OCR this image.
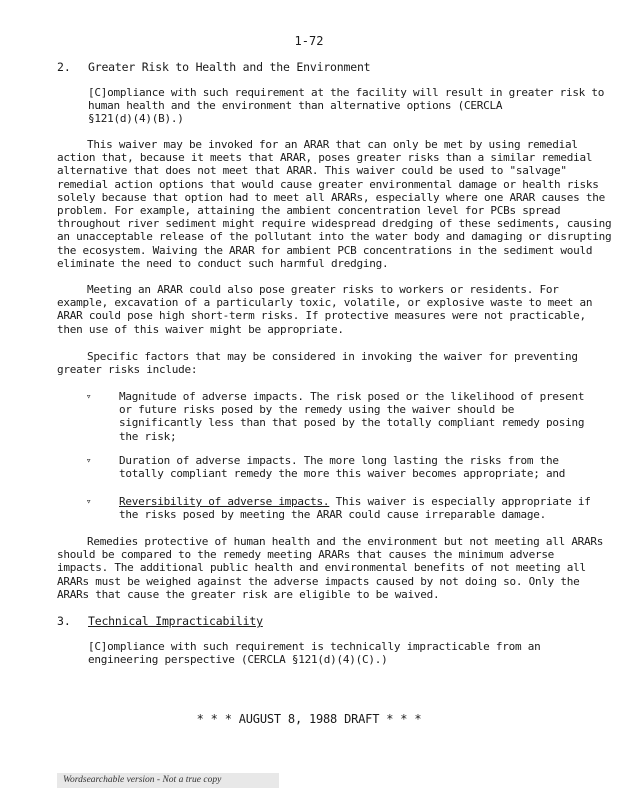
1-72
2. Greater Risk to Health and the Environment
[C]ompliance with such requirement at the facility will result in greater risk to
human health and the environment than alternative options (CERCLA
§121(d)(4)(B).)
This waiver may be invoked for an ARAR that can only be met by using remedial
action that, because it meets that ARAR, poses greater risks than a similar remedial
alternative that does not meet that ARAR. This waiver could be used to "salvage"
remedial action options that would cause greater environmental damage or health risks
solely because that option had to meet all ARARs, especially where one ARAR causes the
problem. For example, attaining the ambient concentration level for PCBs spread
throughout river sediment might require widespread dredging of these sediments, causing
an unacceptable release of the pollutant into the water body and damaging or disrupting
the ecosystem. Waiving the ARAR for ambient PCB concentrations in the sediment would
eliminate the need to conduct such harmful dredging.
Meeting an ARAR could also pose greater risks to workers or residents. For
example, excavation of a particularly toxic, volatile, or explosive waste to meet an
ARAR could pose high short-term risks. If protective measures were not practicable,
then use of this waiver might be appropriate.
Specific factors that may be considered in invoking the waiver for preventing
greater risks include:
▿	Magnitude of adverse impacts. The risk posed or the likelihood of present
or future risks posed by the remedy using the waiver should be
significantly less than that posed by the totally compliant remedy posing
the risk;
▿	Duration of adverse impacts. The more long lasting the risks from the
totally compliant remedy the more this waiver becomes appropriate; and
▿	Reversibility of adverse impacts. This waiver is especially appropriate if
the risks posed by meeting the ARAR could cause irreparable damage.
Remedies protective of human health and the environment but not meeting all ARARs
should be compared to the remedy meeting ARARs that causes the minimum adverse
impacts. The additional public health and environmental benefits of not meeting all
ARARs must be weighed against the adverse impacts caused by not doing so. Only the
ARARs that cause the greater risk are eligible to be waived.
3. Technical Impracticability
[C]ompliance with such requirement is technically impracticable from an
engineering perspective (CERCLA §121(d)(4)(C).)
* * * AUGUST 8, 1988 DRAFT * * *
Wordsearchable version - Not a true copy
